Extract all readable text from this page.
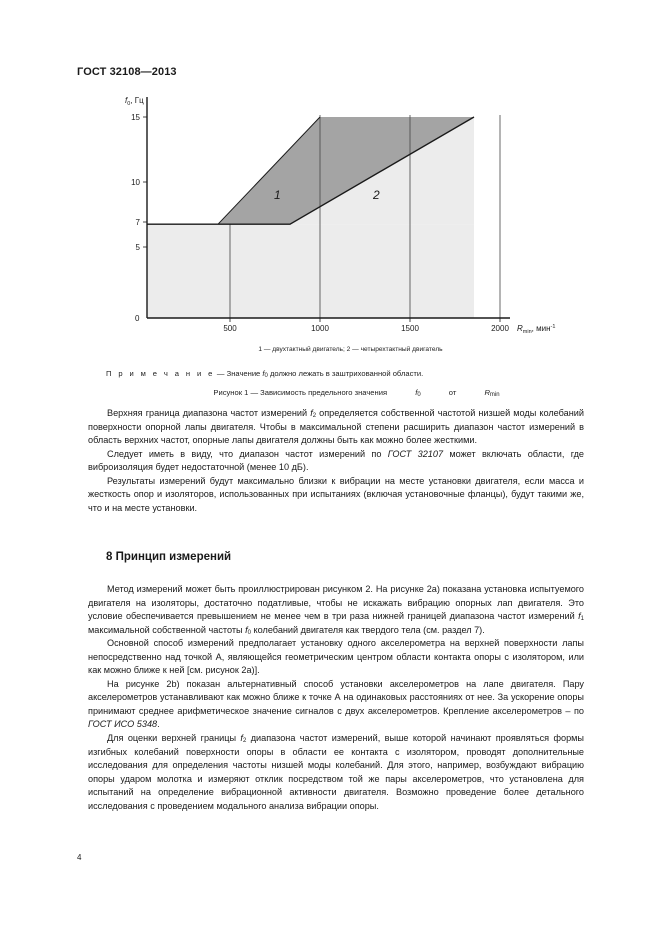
ГОСТ 32108—2013
500	1000	1500	2000
5
7
10
15
1	2
$f_0$, Гц
$R_{min}$, мин$^{-1}$
0
1 — двухтактный двигатель; 2 — четырехтактный двигатель
П р и м е ч а н и е — Значение $f_0$ должно лежать в заштрихованной области.
Рисунок 1 — Зависимость предельного значения	$f_0$	от	$R_{min}$

Верхняя граница диапазона частот измерений $f_2$ определяется собственной частотой низшей моды колебаний поверхности опорной лапы двигателя. Чтобы в максимальной степени расширить диапазон частот измерений в область верхних частот, опорные лапы двигателя должны быть как можно более жесткими.

Следует иметь в виду, что диапазон частот измерений по ГОСТ 32107 может включать области, где виброизоляция будет недостаточной (менее 10 дБ).

Результаты измерений будут максимально близки к вибрации на месте установки двигателя, если масса и жесткость опор и изоляторов, использованных при испытаниях (включая установочные фланцы), будут такими же, что и на месте установки.

8 Принцип измерений

Метод измерений может быть проиллюстрирован рисунком 2. На рисунке 2а) показана установка испытуемого двигателя на изоляторы, достаточно податливые, чтобы не искажать вибрацию опорных лап двигателя. Это условие обеспечивается превышением не менее чем в три раза нижней границей диапазона частот измерений $f_1$ максимальной собственной частоты $f_0$ колебаний двигателя как твердого тела (см. раздел 7).

Основной способ измерений предполагает установку одного акселерометра на верхней поверхности лапы непосредственно над точкой А, являющейся геометрическим центром области контакта опоры с изолятором, или как можно ближе к ней [см. рисунок 2а)].

На рисунке 2b) показан альтернативный способ установки акселерометров на лапе двигателя. Пару акселерометров устанавливают как можно ближе к точке А на одинаковых расстояниях от нее. За ускорение опоры принимают среднее арифметическое значение сигналов с двух акселерометров. Крепление акселерометров – по ГОСТ ИСО 5348.

Для оценки верхней границы $f_2$ диапазона частот измерений, выше которой начинают проявляться формы изгибных колебаний поверхности опоры в области ее контакта с изолятором, проводят дополнительные исследования для определения частоты низшей моды колебаний. Для этого, например, возбуждают вибрацию опоры ударом молотка и измеряют отклик посредством той же пары акселерометров, что установлена для испытаний на определение вибрационной активности двигателя. Возможно проведение более детального исследования с проведением модального анализа вибрации опоры.

4
